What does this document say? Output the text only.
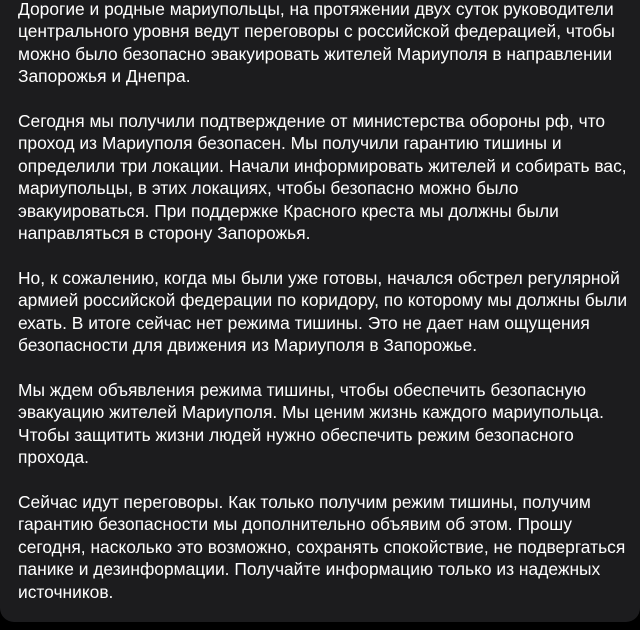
Дорогие и родные мариупольцы, на протяжении двух суток руководители центрального уровня ведут переговоры с российской федерацией, чтобы можно было безопасно эвакуировать жителей Мариуполя в направлении Запорожья и Днепра.

Сегодня мы получили подтверждение от министерства обороны рф, что проход из Мариуполя безопасен. Мы получили гарантию тишины и определили три локации. Начали информировать жителей и собирать вас, мариупольцы, в этих локациях, чтобы безопасно можно было эвакуироваться. При поддержке Красного креста мы должны были направляться в сторону Запорожья.

Но, к сожалению, когда мы были уже готовы, начался обстрел регулярной армией российской федерации по коридору, по которому мы должны были ехать. В итоге сейчас нет режима тишины. Это не дает нам ощущения безопасности для движения из Мариуполя в Запорожье.

Мы ждем объявления режима тишины, чтобы обеспечить безопасную эвакуацию жителей Мариуполя. Мы ценим жизнь каждого мариупольца. Чтобы защитить жизни людей нужно обеспечить режим безопасного прохода.

Сейчас идут переговоры. Как только получим режим тишины, получим гарантию безопасности мы дополнительно объявим об этом. Прошу сегодня, насколько это возможно, сохранять спокойствие, не подвергаться панике и дезинформации. Получайте информацию только из надежных источников.
